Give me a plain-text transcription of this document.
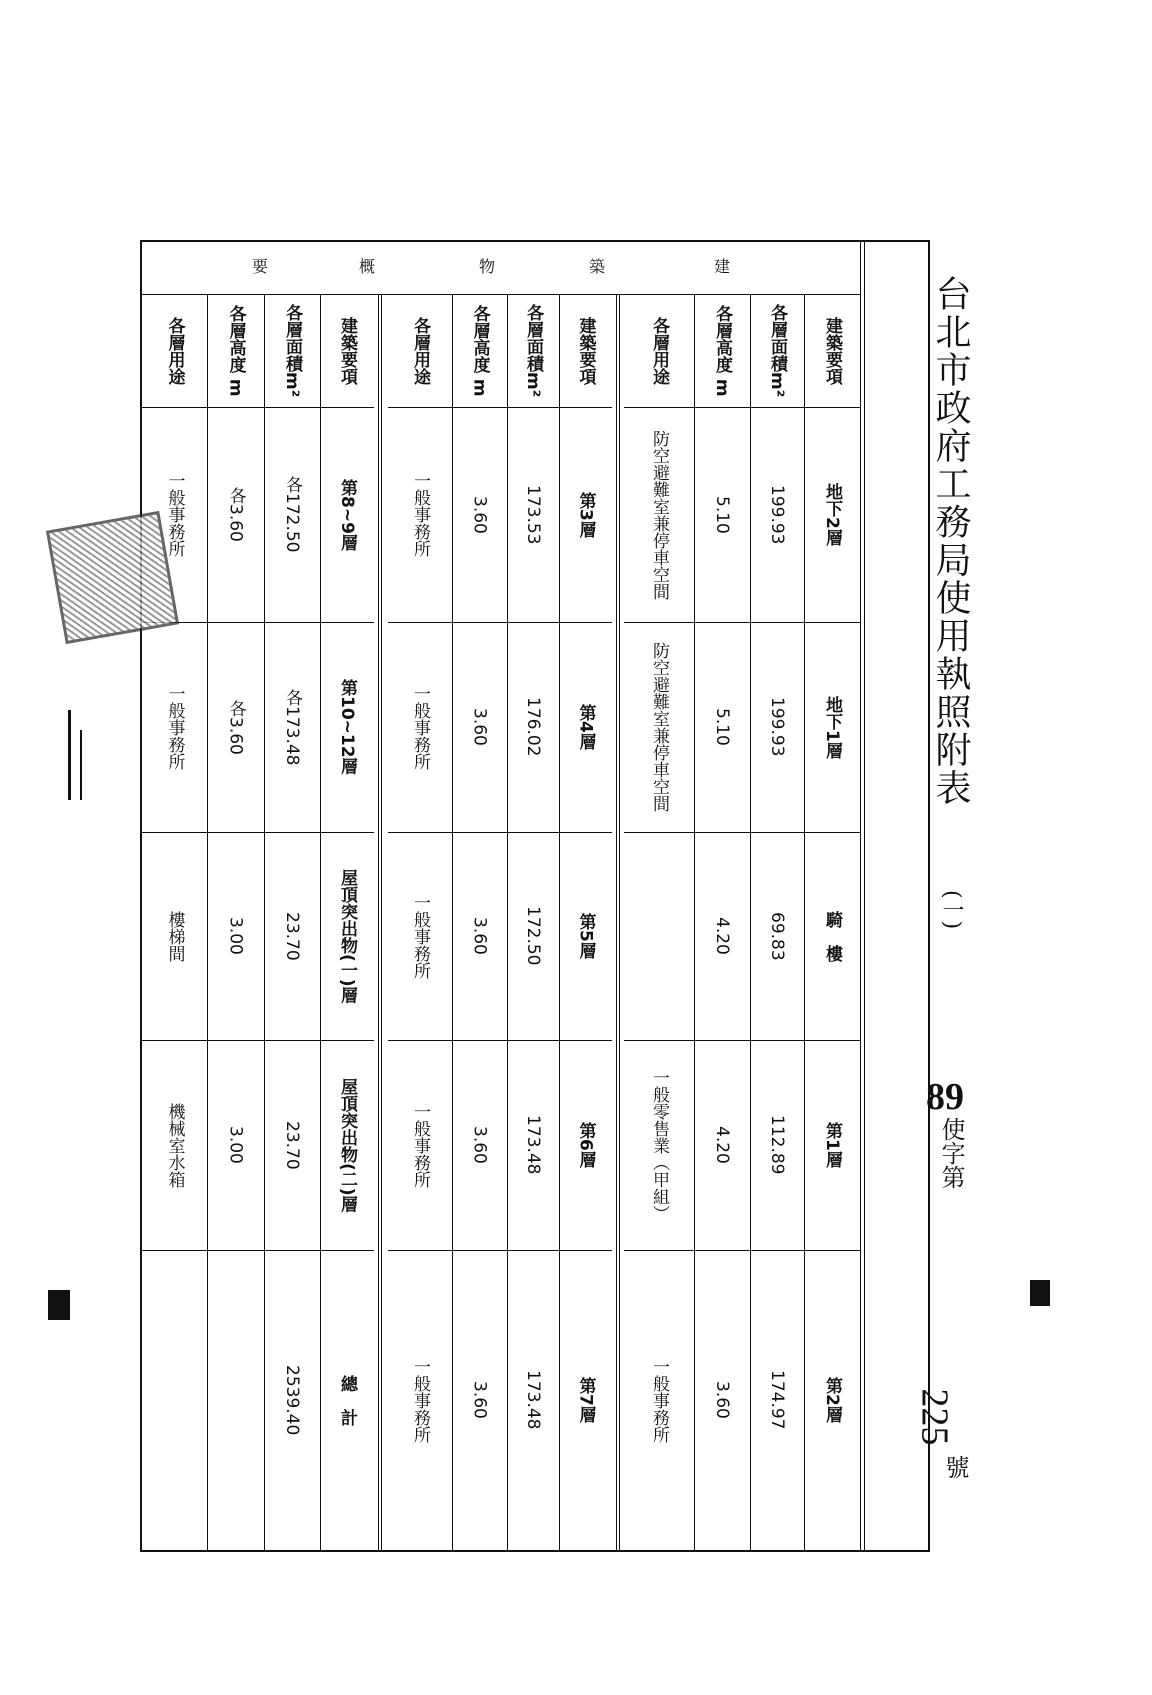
台北市政府工務局使用執照附表
(一)
89
使字第
225
號
建
築
物
概
要
各層用途
一般事務所
一般事務所
樓梯間
機械室水箱
各層高度 m
各3.60
各3.60
3.00
3.00
各層面積m²
各172.50
各173.48
23.70
23.70
2539.40
建築要項
第8~9層
第10~12層
屋頂突出物(一)層
屋頂突出物(二)層
總　計
各層用途
一般事務所
一般事務所
一般事務所
一般事務所
一般事務所
各層高度 m
3.60
3.60
3.60
3.60
3.60
各層面積m²
173.53
176.02
172.50
173.48
173.48
建築要項
第3層
第4層
第5層
第6層
第7層
各層用途
防空避難室兼停車空間
防空避難室兼停車空間
一般零售業（甲組）
一般事務所
各層高度 m
5.10
5.10
4.20
4.20
3.60
各層面積m²
199.93
199.93
69.83
112.89
174.97
建築要項
地下2層
地下1層
騎　樓
第1層
第2層
